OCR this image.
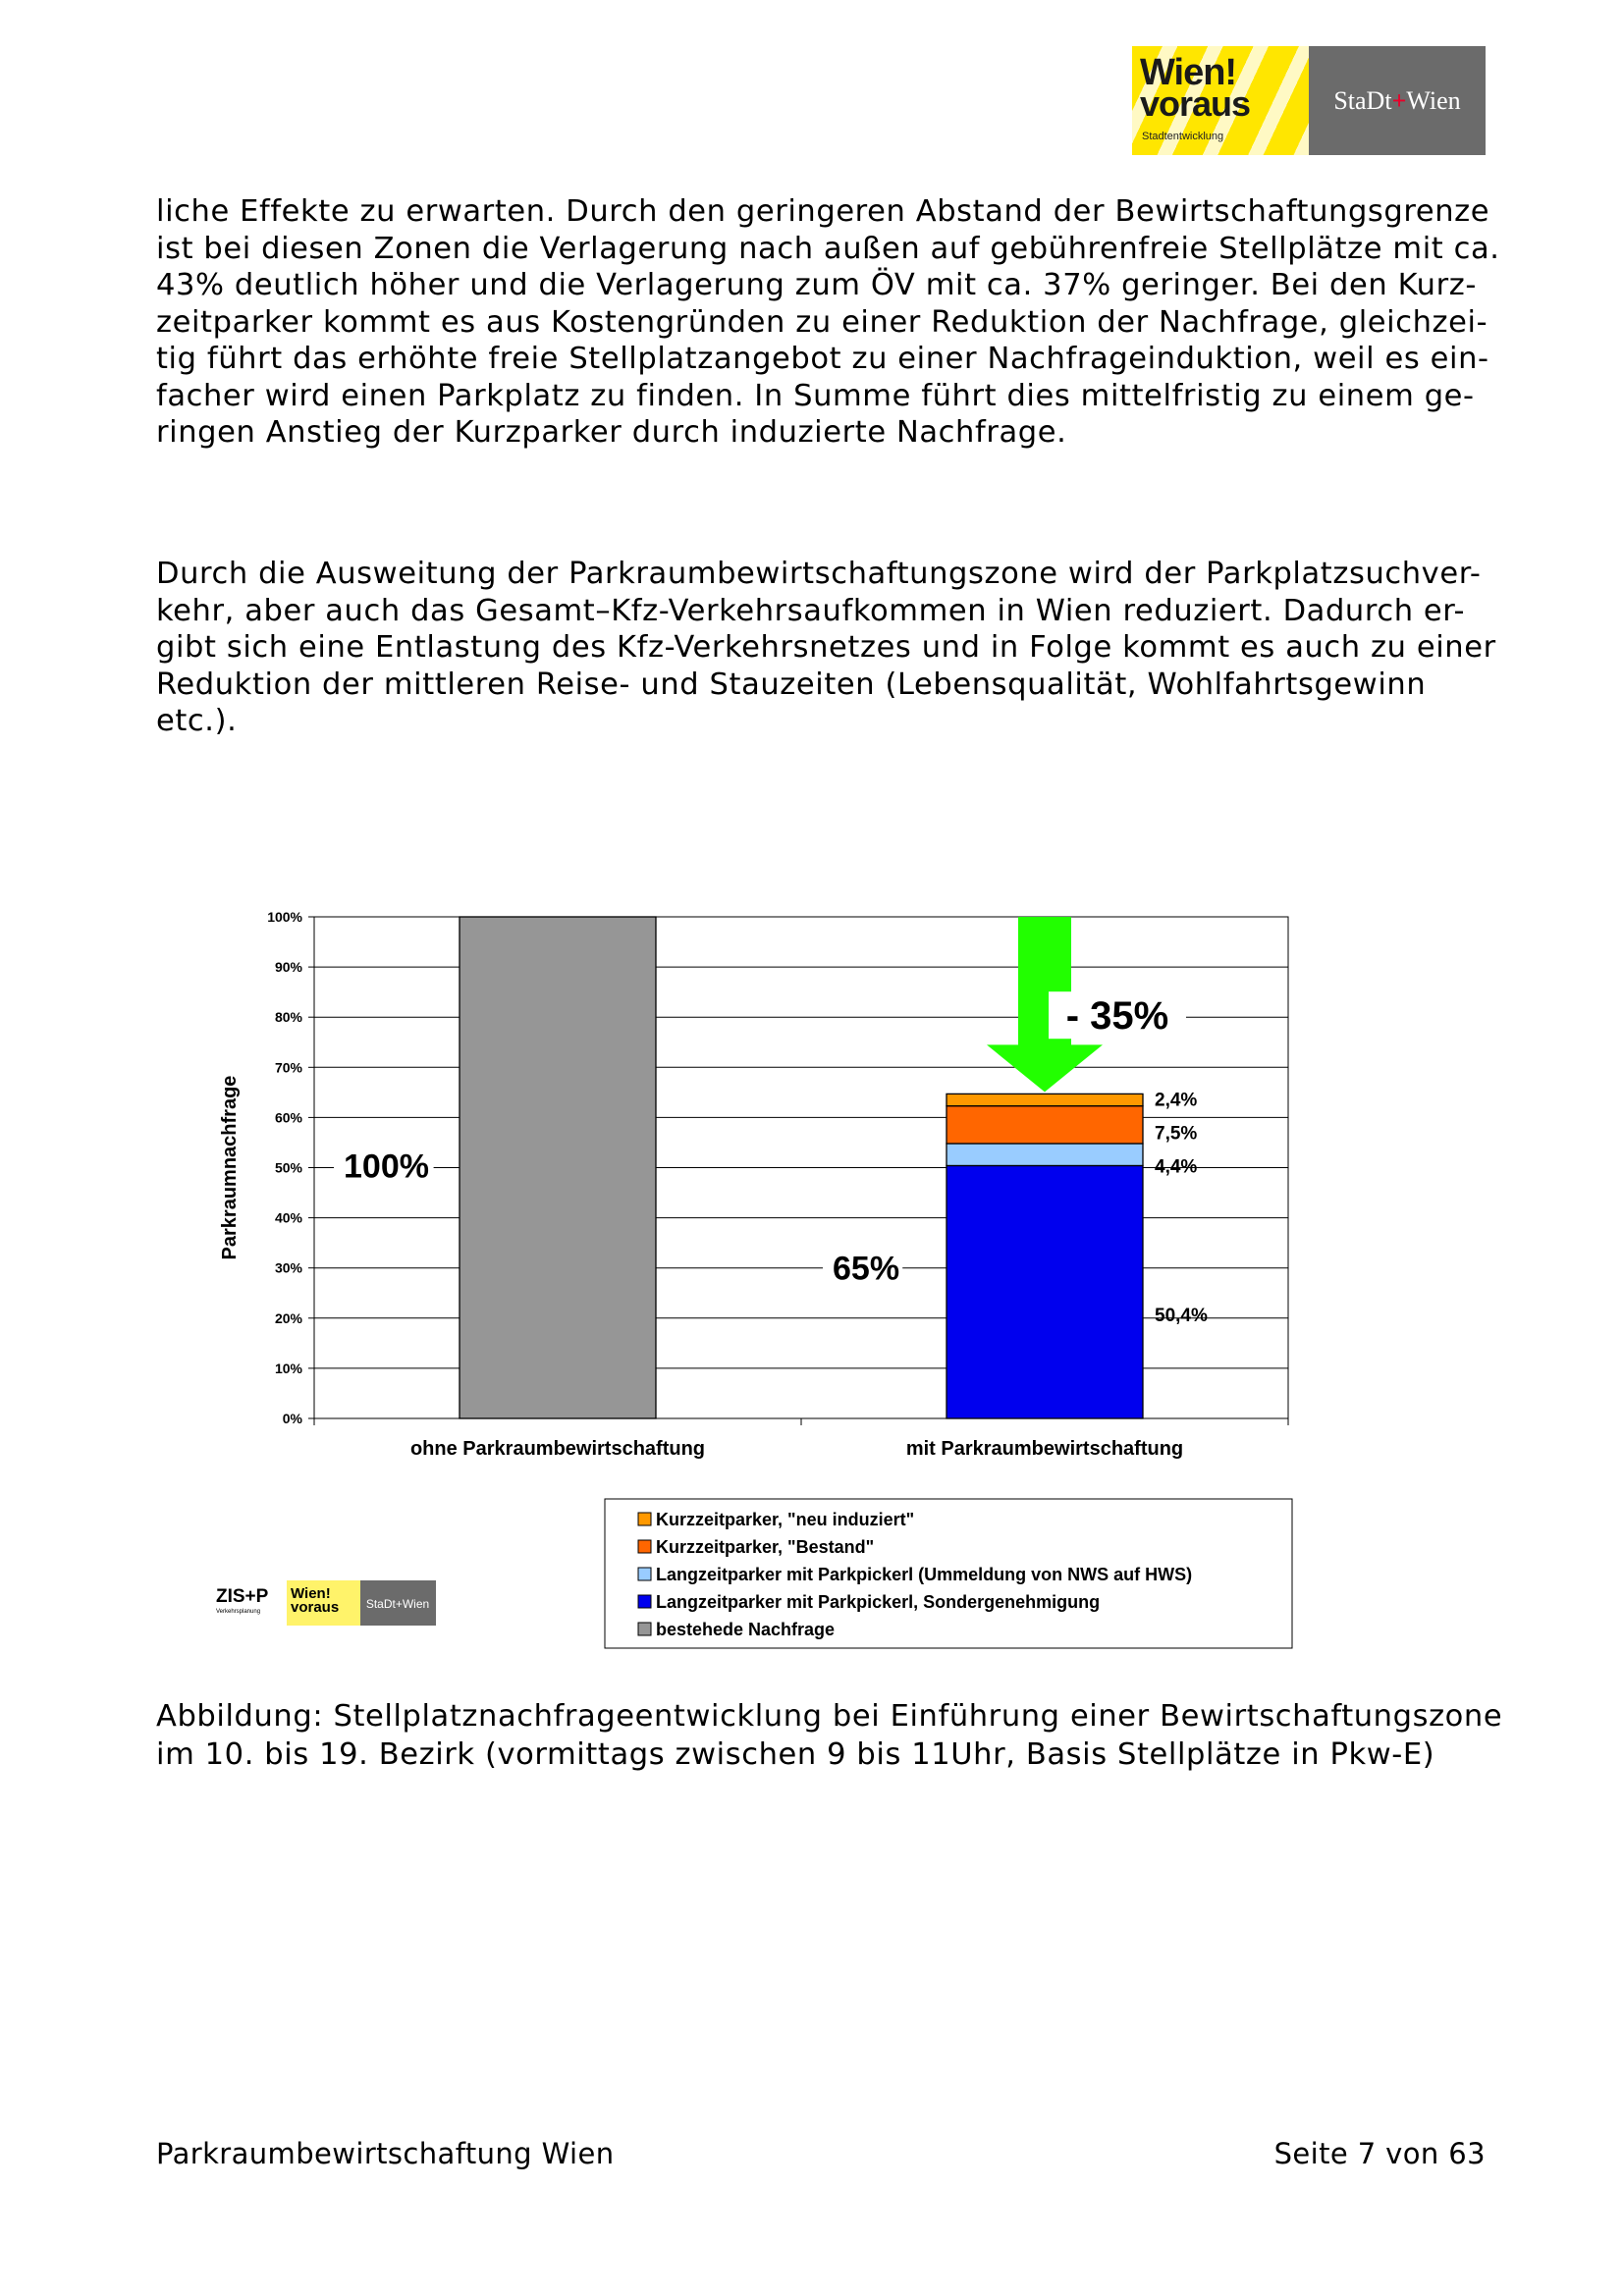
Wien!
voraus
Stadtentwicklung
StaDt + Wien

liche Effekte zu erwarten. Durch den geringeren Abstand der Bewirtschaftungsgrenze
ist bei diesen Zonen die Verlagerung nach außen auf gebührenfreie Stellplätze mit ca.
43% deutlich höher und die Verlagerung zum ÖV mit ca. 37% geringer. Bei den Kurz-
zeitparker kommt es aus Kostengründen zu einer Reduktion der Nachfrage, gleichzei-
tig führt das erhöhte freie Stellplatzangebot zu einer Nachfrageinduktion, weil es ein-
facher wird einen Parkplatz zu finden. In Summe führt dies mittelfristig zu einem ge-
ringen Anstieg der Kurzparker durch induzierte Nachfrage.

Durch die Ausweitung der Parkraumbewirtschaftungszone wird der Parkplatzsuchver-
kehr, aber auch das Gesamt–Kfz-Verkehrsaufkommen in Wien reduziert. Dadurch er-
gibt sich eine Entlastung des Kfz-Verkehrsnetzes und in Folge kommt es auch zu einer
Reduktion der mittleren Reise- und Stauzeiten (Lebensqualität, Wohlfahrtsgewinn
etc.).

0%
10%
20%
30%
40%
50%
60%
70%
80%
90%
100%
Parkraumnachfrage
ohne Parkraumbewirtschaftung	mit Parkraumbewirtschaftung
2,4%
7,5%
4,4%
50,4%
100%
65%
- 35%
Kurzzeitparker, "neu induziert"
Kurzzeitparker, "Bestand"
Langzeitparker mit Parkpickerl (Ummeldung von NWS auf HWS)
Langzeitparker mit Parkpickerl, Sondergenehmigung
bestehede Nachfrage
ZIS+P
Verkehrsplanung
Wien!
voraus StaDt+Wien

Abbildung: Stellplatznachfrageentwicklung bei Einführung einer Bewirtschaftungszone
im 10. bis 19. Bezirk (vormittags zwischen 9 bis 11Uhr, Basis Stellplätze in Pkw-E)

Parkraumbewirtschaftung Wien	Seite 7 von 63
